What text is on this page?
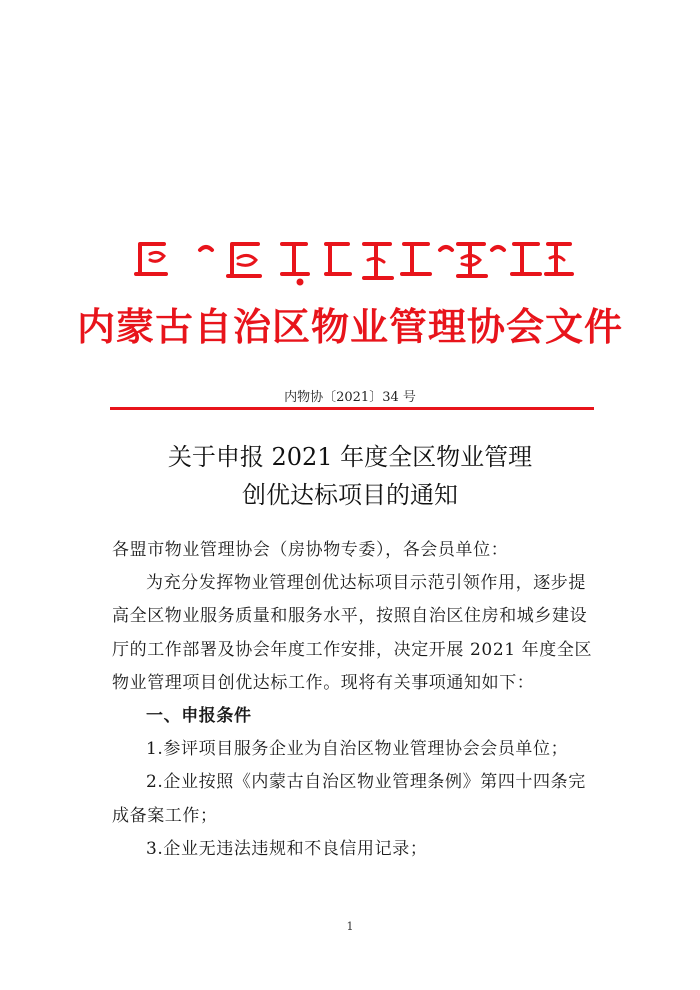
内蒙古自治区物业管理协会文件
内物协〔2021〕34 号
关于申报 2021 年度全区物业管理
创优达标项目的通知

各盟市物业管理协会（房协物专委），各会员单位：

为充分发挥物业管理创优达标项目示范引领作用，逐步提高全区物业服务质量和服务水平，按照自治区住房和城乡建设厅的工作部署及协会年度工作安排，决定开展 2021 年度全区物业管理项目创优达标工作。现将有关事项通知如下：

一、申报条件

1.参评项目服务企业为自治区物业管理协会会员单位；

2.企业按照《内蒙古自治区物业管理条例》第四十四条完成备案工作；

3.企业无违法违规和不良信用记录；

1
